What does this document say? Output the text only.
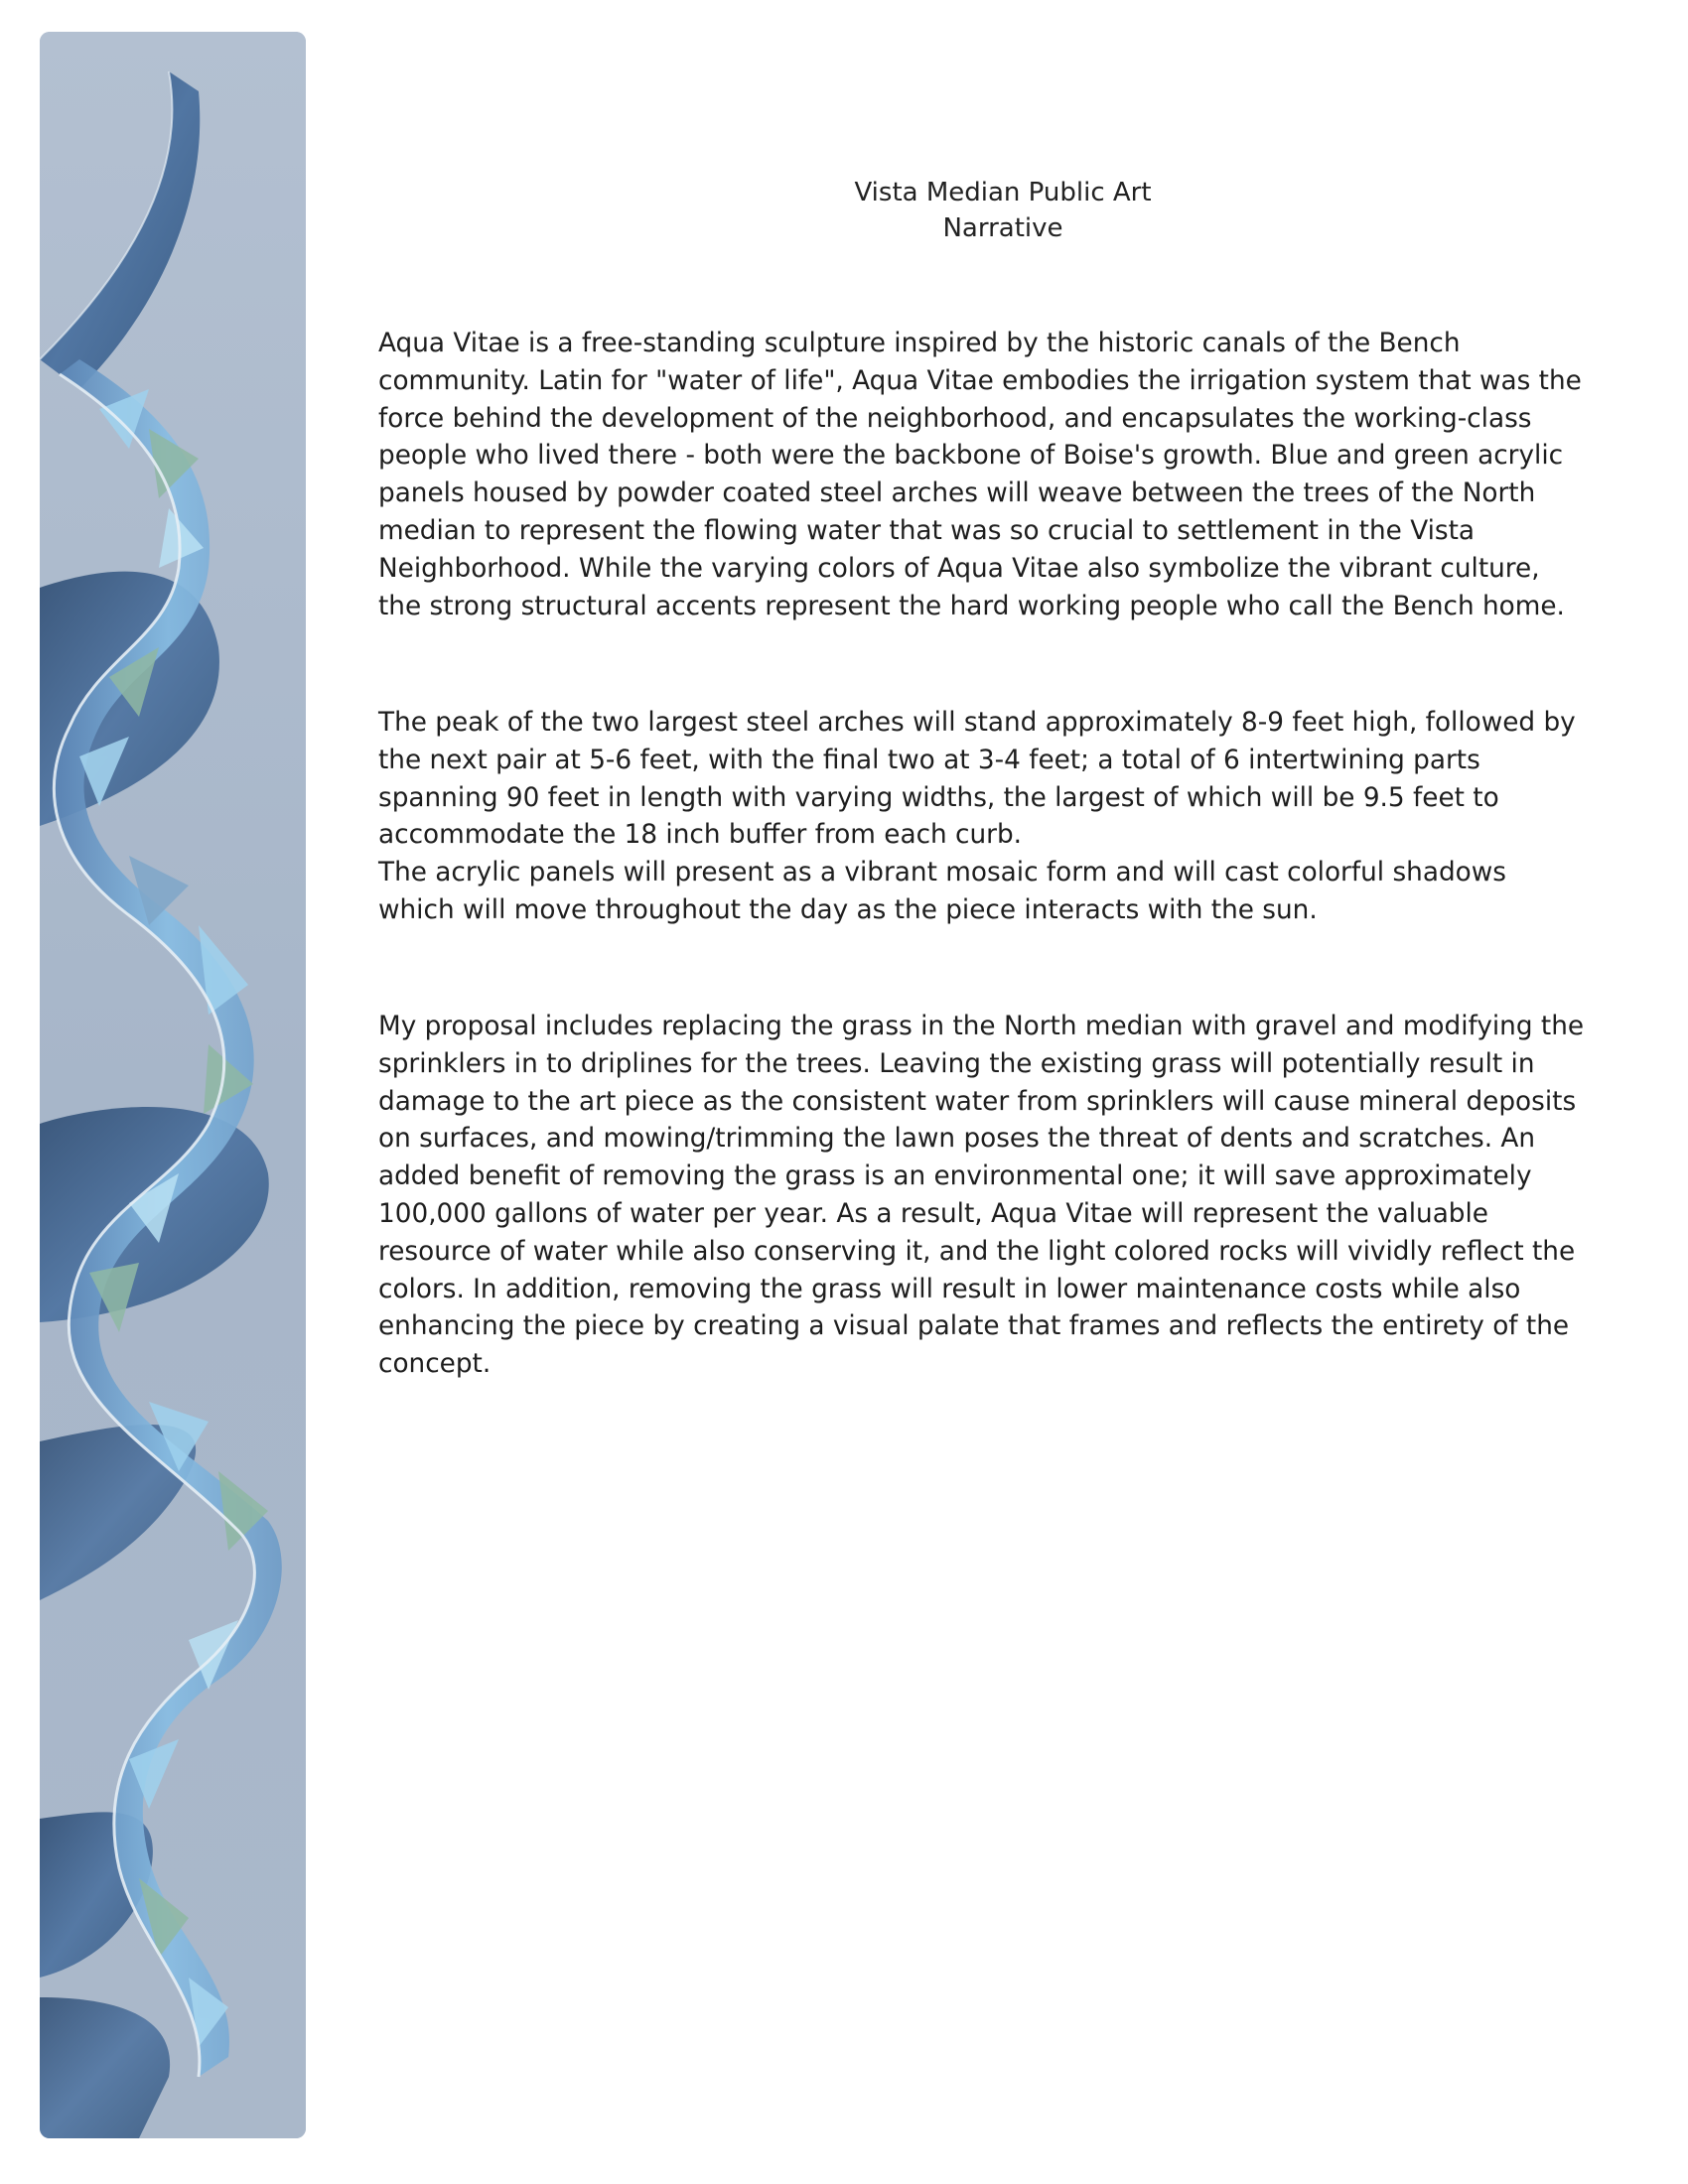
Vista Median Public Art
Narrative

Aqua Vitae is a free-standing sculpture inspired by the historic canals of the Bench
community. Latin for "water of life", Aqua Vitae embodies the irrigation system that was the
force behind the development of the neighborhood, and encapsulates the working-class
people who lived there - both were the backbone of Boise's growth. Blue and green acrylic
panels housed by powder coated steel arches will weave between the trees of the North
median to represent the flowing water that was so crucial to settlement in the Vista
Neighborhood. While the varying colors of Aqua Vitae also symbolize the vibrant culture,
the strong structural accents represent the hard working people who call the Bench home.

The peak of the two largest steel arches will stand approximately 8-9 feet high, followed by
the next pair at 5-6 feet, with the final two at 3-4 feet; a total of 6 intertwining parts
spanning 90 feet in length with varying widths, the largest of which will be 9.5 feet to
accommodate the 18 inch buffer from each curb.
The acrylic panels will present as a vibrant mosaic form and will cast colorful shadows
which will move throughout the day as the piece interacts with the sun.

My proposal includes replacing the grass in the North median with gravel and modifying the
sprinklers in to driplines for the trees. Leaving the existing grass will potentially result in
damage to the art piece as the consistent water from sprinklers will cause mineral deposits
on surfaces, and mowing/trimming the lawn poses the threat of dents and scratches. An
added benefit of removing the grass is an environmental one; it will save approximately
100,000 gallons of water per year. As a result, Aqua Vitae will represent the valuable
resource of water while also conserving it, and the light colored rocks will vividly reflect the
colors. In addition, removing the grass will result in lower maintenance costs while also
enhancing the piece by creating a visual palate that frames and reflects the entirety of the
concept.
